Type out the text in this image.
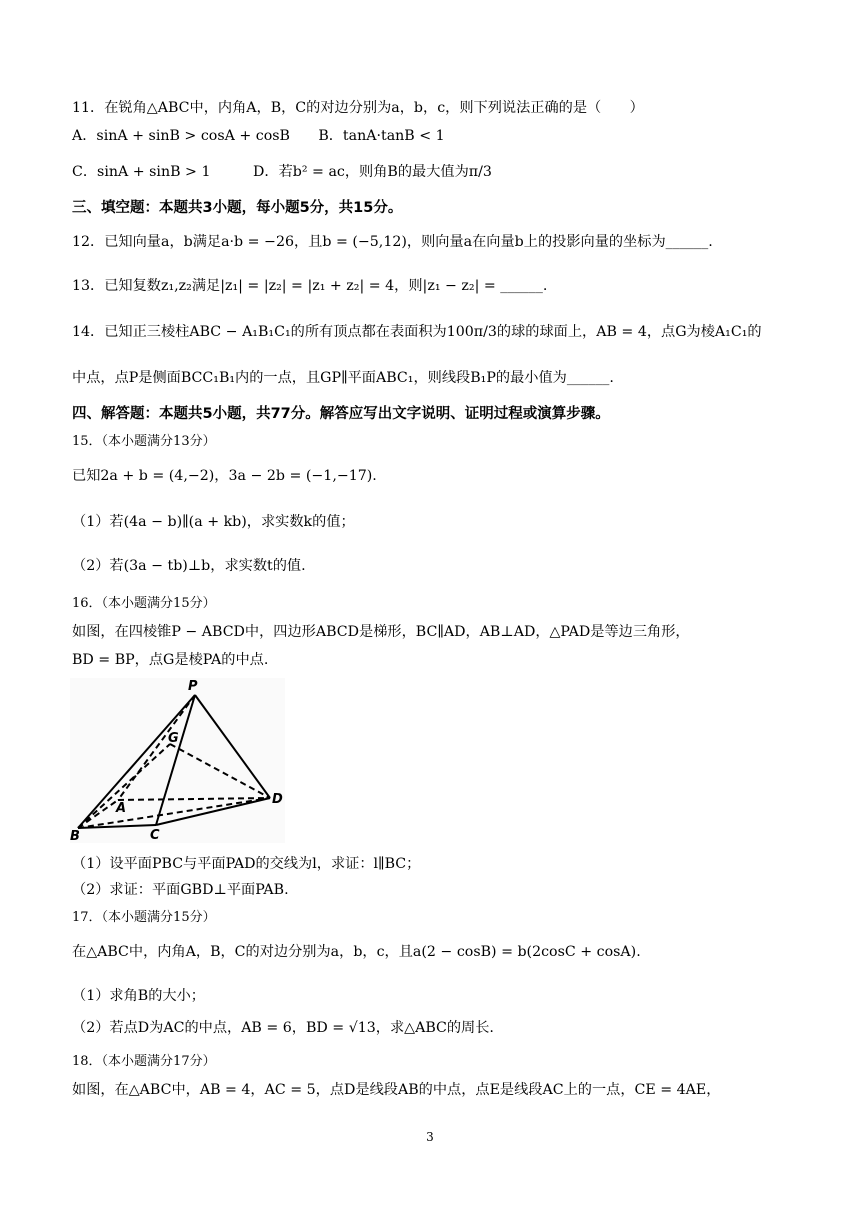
11．在锐角△ABC中，内角A，B，C的对边分别为a，b，c，则下列说法正确的是（　　）
A．sinA + sinB > cosA + cosB　　B．tanA·tanB < 1
C．sinA + sinB > 1　　　D．若b² = ac，则角B的最大值为π/3
三、填空题：本题共3小题，每小题5分，共15分。
12．已知向量a，b满足a·b = −26，且b = (−5,12)，则向量a在向量b上的投影向量的坐标为______.
13．已知复数z₁,z₂满足|z₁| = |z₂| = |z₁ + z₂| = 4，则|z₁ − z₂| = ______.
14．已知正三棱柱ABC − A₁B₁C₁的所有顶点都在表面积为100π/3的球的球面上，AB = 4，点G为棱A₁C₁的
中点，点P是侧面BCC₁B₁内的一点，且GP∥平面ABC₁，则线段B₁P的最小值为______.
四、解答题：本题共5小题，共77分。解答应写出文字说明、证明过程或演算步骤。
15．（本小题满分13分）
已知2a + b = (4,−2)，3a − 2b = (−1,−17).
（1）若(4a − b)∥(a + kb)，求实数k的值；
（2）若(3a − tb)⊥b，求实数t的值.
16．（本小题满分15分）
如图，在四棱锥P − ABCD中，四边形ABCD是梯形，BC∥AD，AB⊥AD，△PAD是等边三角形，
BD = BP，点G是棱PA的中点.
P
G
A
B	C
D
（1）设平面PBC与平面PAD的交线为l，求证：l∥BC；
（2）求证：平面GBD⊥平面PAB.
17．（本小题满分15分）
在△ABC中，内角A，B，C的对边分别为a，b，c，且a(2 − cosB) = b(2cosC + cosA).
（1）求角B的大小；
（2）若点D为AC的中点，AB = 6，BD = √13，求△ABC的周长.
18．（本小题满分17分）
如图，在△ABC中，AB = 4，AC = 5，点D是线段AB的中点，点E是线段AC上的一点，CE = 4AE，
3
